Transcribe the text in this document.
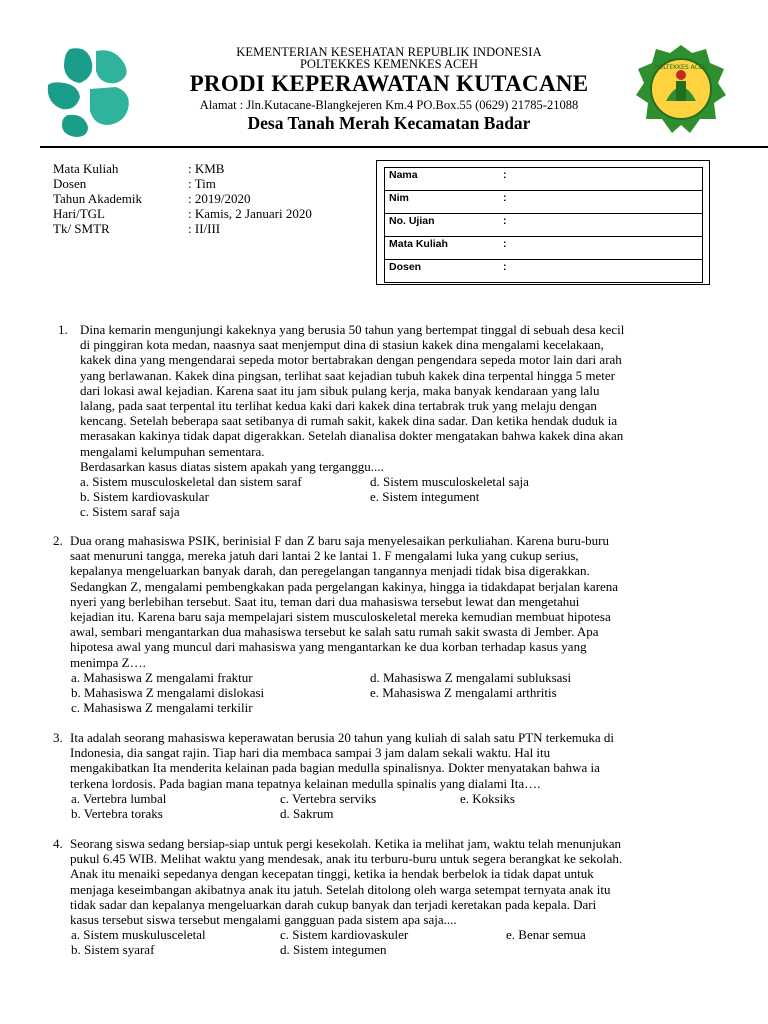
POLTEKKES ACEH
KEMENTERIAN KESEHATAN REPUBLIK INDONESIA
POLTEKKES KEMENKES ACEH
PRODI KEPERAWATAN KUTACANE
Alamat : Jln.Kutacane-Blangkejeren Km.4 PO.Box.55 (0629) 21785-21088
Desa Tanah Merah Kecamatan Badar
Mata Kuliah	: KMB
Dosen	: Tim
Tahun Akademik	: 2019/2020
Hari/TGL	: Kamis, 2 Januari 2020
Tk/ SMTR	: II/III
Nama	:
Nim	:
No. Ujian	:
Mata Kuliah	:
Dosen	:
1. Dina kemarin mengunjungi kakeknya yang berusia 50 tahun yang bertempat tinggal di sebuah desa kecil
di pinggiran kota medan, naasnya saat menjemput dina di stasiun kakek dina mengalami kecelakaan,
kakek dina yang mengendarai sepeda motor bertabrakan dengan pengendara sepeda motor lain dari arah
yang berlawanan. Kakek dina pingsan, terlihat saat kejadian tubuh kakek dina terpental hingga 5 meter
dari lokasi awal kejadian. Karena saat itu jam sibuk pulang kerja, maka banyak kendaraan yang lalu
lalang, pada saat terpental itu terlihat kedua kaki dari kakek dina tertabrak truk yang melaju dengan
kencang. Setelah beberapa saat setibanya di rumah sakit, kakek dina sadar. Dan ketika hendak duduk ia
merasakan kakinya tidak dapat digerakkan. Setelah dianalisa dokter mengatakan bahwa kakek dina akan
mengalami kelumpuhan sementara.
Berdasarkan kasus diatas sistem apakah yang terganggu....
a. Sistem musculoskeletal dan sistem saraf	d. Sistem musculoskeletal saja
b. Sistem kardiovaskular	e. Sistem integument
c. Sistem saraf saja
2. Dua orang mahasiswa PSIK, berinisial F dan Z baru saja menyelesaikan perkuliahan. Karena buru-buru
saat menuruni tangga, mereka jatuh dari lantai 2 ke lantai 1. F mengalami luka yang cukup serius,
kepalanya mengeluarkan banyak darah, dan peregelangan tangannya menjadi tidak bisa digerakkan.
Sedangkan Z, mengalami pembengkakan pada pergelangan kakinya, hingga ia tidakdapat berjalan karena
nyeri yang berlebihan tersebut. Saat itu, teman dari dua mahasiswa tersebut lewat dan mengetahui
kejadian itu. Karena baru saja mempelajari sistem musculoskeletal mereka kemudian membuat hipotesa
awal, sembari mengantarkan dua mahasiswa tersebut ke salah satu rumah sakit swasta di Jember. Apa
hipotesa awal yang muncul dari mahasiswa yang mengantarkan ke dua korban terhadap kasus yang
menimpa Z….
a. Mahasiswa Z mengalami fraktur	d. Mahasiswa Z mengalami subluksasi
b. Mahasiswa Z mengalami dislokasi	e. Mahasiswa Z mengalami arthritis
c. Mahasiswa Z mengalami terkilir
3. Ita adalah seorang mahasiswa keperawatan berusia 20 tahun yang kuliah di salah satu PTN terkemuka di
Indonesia, dia sangat rajin. Tiap hari dia membaca sampai 3 jam dalam sekali waktu. Hal itu
mengakibatkan Ita menderita kelainan pada bagian medulla spinalisnya. Dokter menyatakan bahwa ia
terkena lordosis. Pada bagian mana tepatnya kelainan medulla spinalis yang dialami Ita….
a. Vertebra lumbal	c. Vertebra serviks	e. Koksiks
b. Vertebra toraks	d. Sakrum
4. Seorang siswa sedang bersiap-siap untuk pergi kesekolah. Ketika ia melihat jam, waktu telah menunjukan
pukul 6.45 WIB. Melihat waktu yang mendesak, anak itu terburu-buru untuk segera berangkat ke sekolah.
Anak itu menaiki sepedanya dengan kecepatan tinggi, ketika ia hendak berbelok ia tidak dapat untuk
menjaga keseimbangan akibatnya anak itu jatuh. Setelah ditolong oleh warga setempat ternyata anak itu
tidak sadar dan kepalanya mengeluarkan darah cukup banyak dan terjadi keretakan pada kepala. Dari
kasus tersebut siswa tersebut mengalami gangguan pada sistem apa saja....
a. Sistem muskulusceletal	c. Sistem kardiovaskuler	e. Benar semua
b. Sistem syaraf	d. Sistem integumen
